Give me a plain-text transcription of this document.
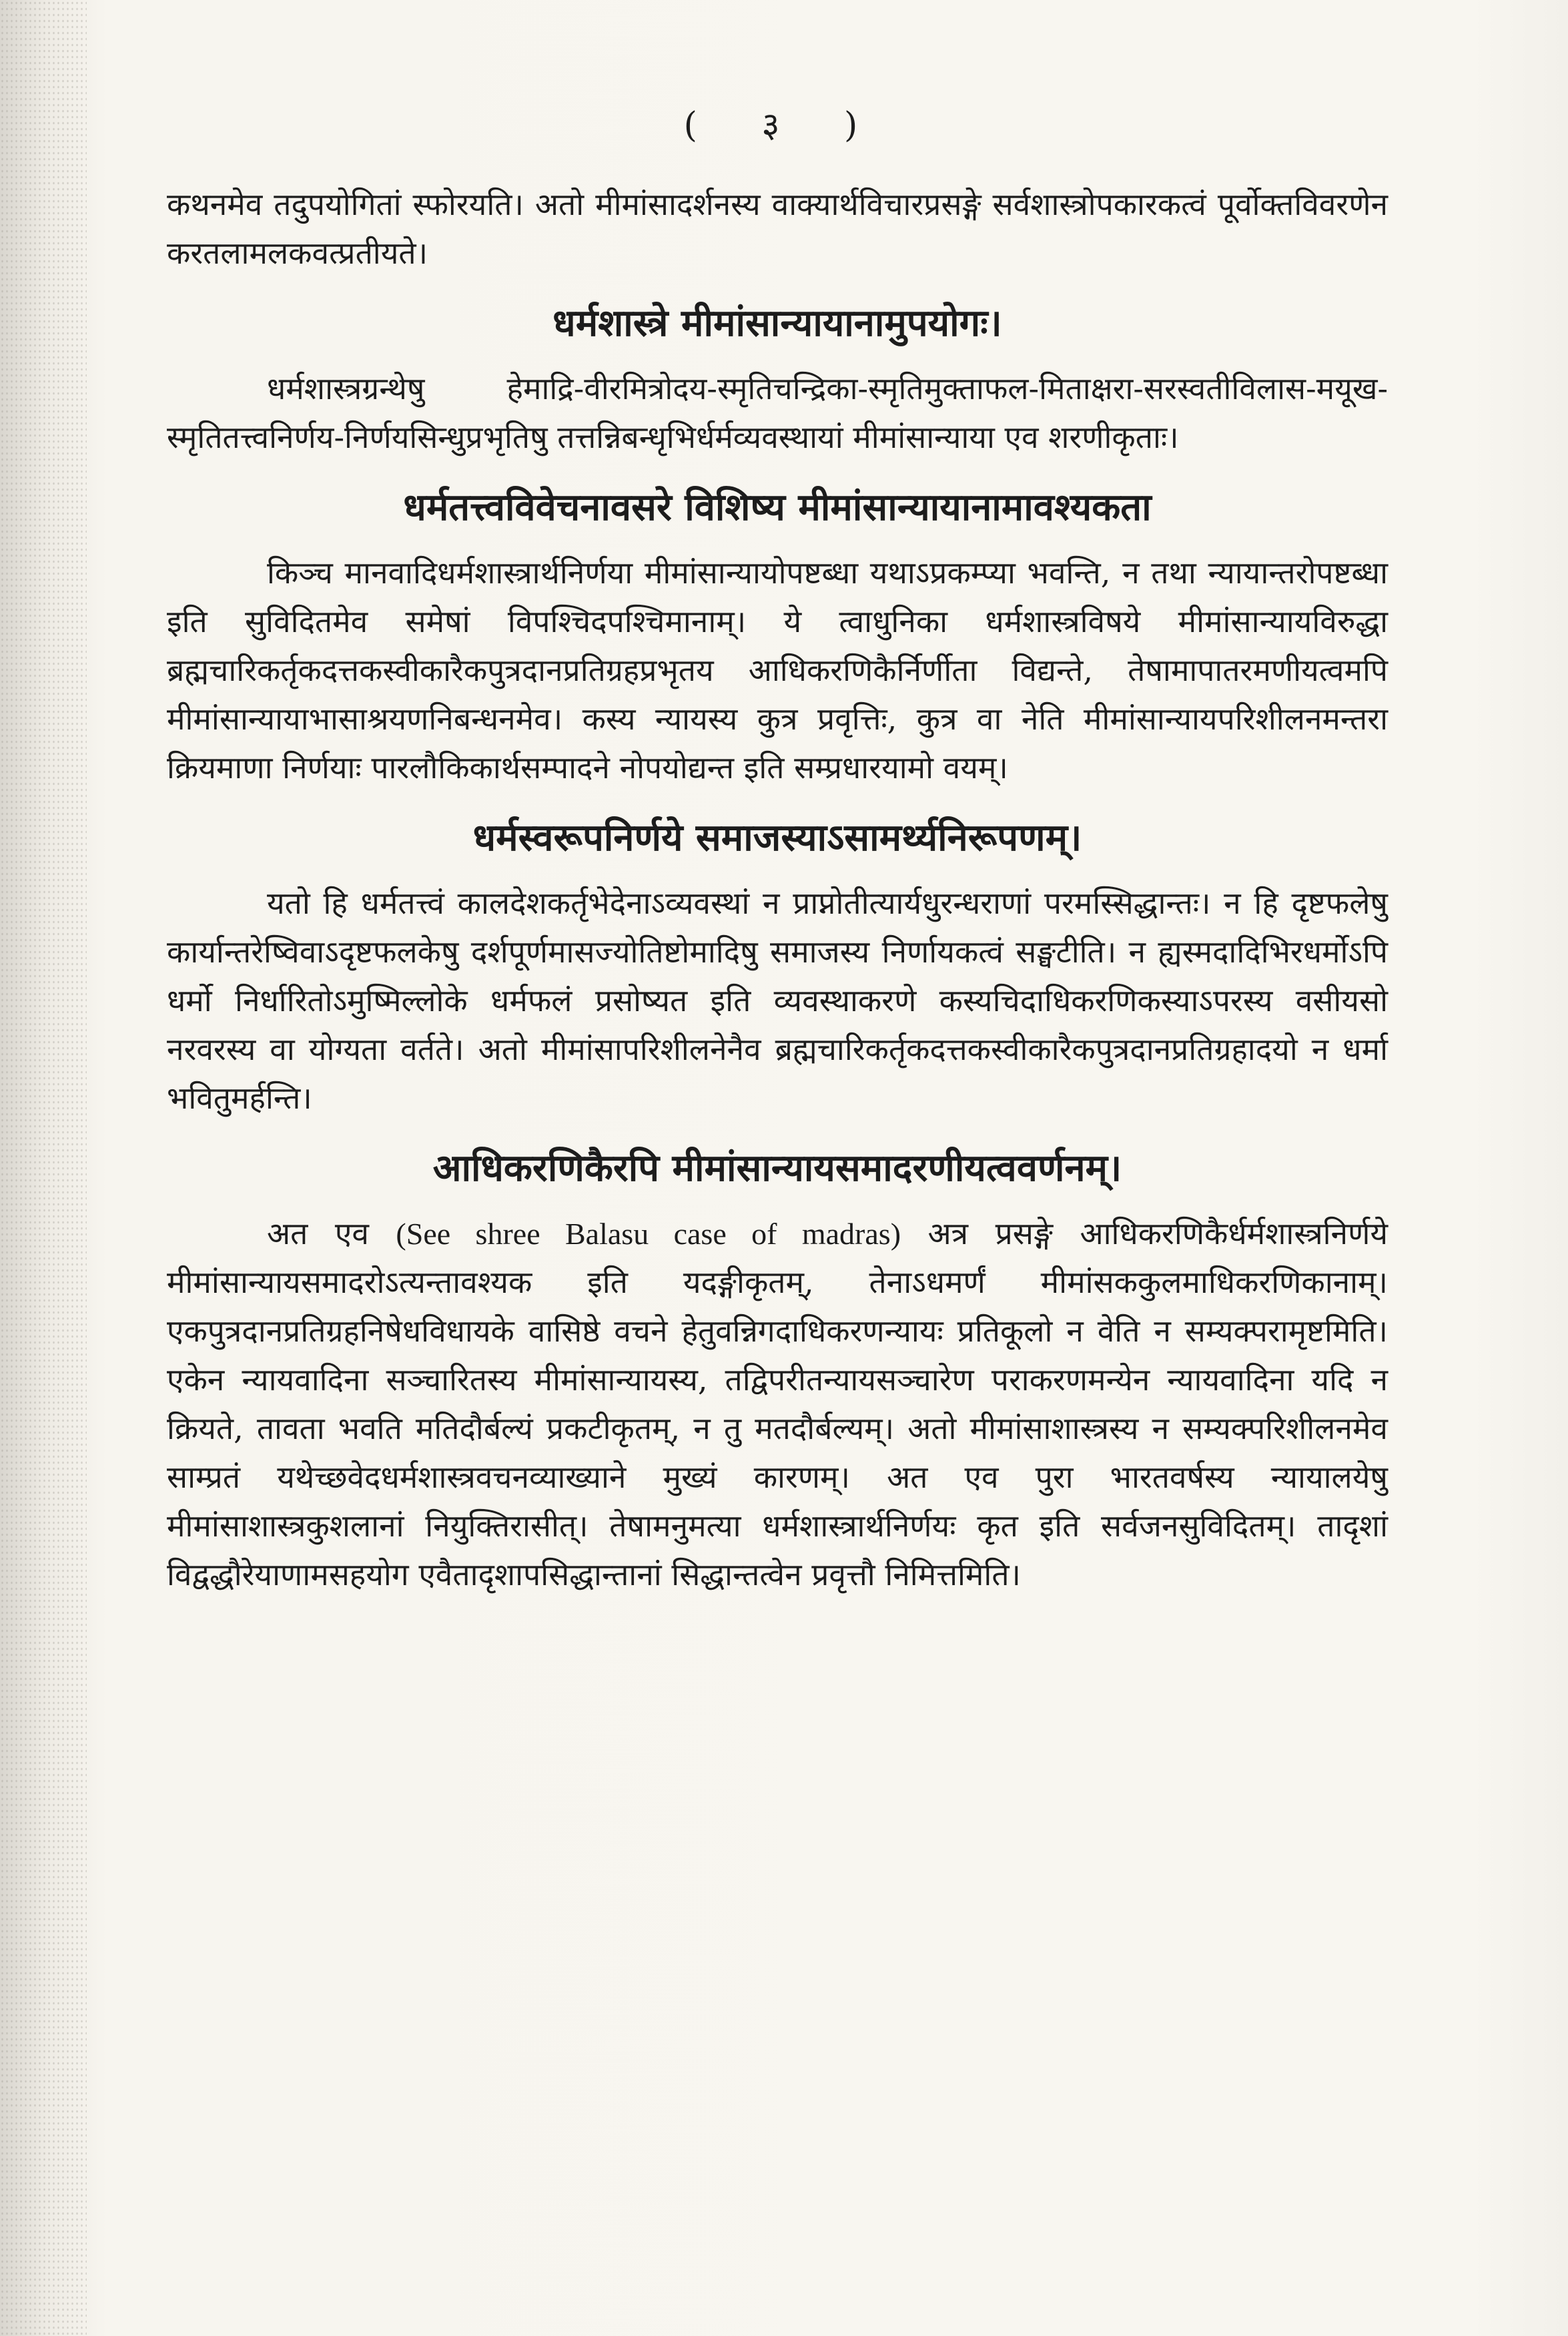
( ३ )

कथनमेव तदुपयोगितां स्फोरयति। अतो मीमांसादर्शनस्य वाक्यार्थविचारप्रसङ्गे सर्वशास्त्रोपकारकत्वं पूर्वोक्तविवरणेन करतलामलकवत्प्रतीयते।

धर्मशास्त्रे मीमांसान्यायानामुपयोगः।

धर्मशास्त्रग्रन्थेषु हेमाद्रि-वीरमित्रोदय-स्मृतिचन्द्रिका-स्मृतिमुक्ताफल-मिताक्षरा-सरस्वतीविलास-मयूख-स्मृतितत्त्वनिर्णय-निर्णयसिन्धुप्रभृतिषु तत्तन्निबन्धृभिर्धर्मव्यवस्थायां मीमांसान्याया एव शरणीकृताः।

धर्मतत्त्वविवेचनावसरे विशिष्य मीमांसान्यायानामावश्यकता

किञ्च मानवादिधर्मशास्त्रार्थनिर्णया मीमांसान्यायोपष्टब्धा यथाऽप्रकम्प्या भवन्ति, न तथा न्यायान्तरोपष्टब्धा इति सुविदितमेव समेषां विपश्चिदपश्चिमानाम्। ये त्वाधुनिका धर्मशास्त्रविषये मीमांसान्यायविरुद्धा ब्रह्मचारिकर्तृकदत्तकस्वीकारैकपुत्रदानप्रतिग्रहप्रभृतय आधिकरणिकैर्निर्णीता विद्यन्ते, तेषामापातरमणीयत्वमपि मीमांसान्यायाभासाश्रयणनिबन्धनमेव। कस्य न्यायस्य कुत्र प्रवृत्तिः, कुत्र वा नेति मीमांसान्यायपरिशीलनमन्तरा क्रियमाणा निर्णयाः पारलौकिकार्थसम्पादने नोपयोद्यन्त इति सम्प्रधारयामो वयम्।

धर्मस्वरूपनिर्णये समाजस्याऽसामर्थ्यनिरूपणम्।

यतो हि धर्मतत्त्वं कालदेशकर्तृभेदेनाऽव्यवस्थां न प्राप्नोतीत्यार्यधुरन्धराणां परमस्सिद्धान्तः। न हि दृष्टफलेषु कार्यान्तरेष्विवाऽदृष्टफलकेषु दर्शपूर्णमासज्योतिष्टोमादिषु समाजस्य निर्णायकत्वं सङ्घटीति। न ह्यस्मदादिभिरधर्मोऽपि धर्मो निर्धारितोऽमुष्मिल्लोके धर्मफलं प्रसोष्यत इति व्यवस्थाकरणे कस्यचिदाधिकरणिकस्याऽपरस्य वसीयसो नरवरस्य वा योग्यता वर्तते। अतो मीमांसापरिशीलनेनैव ब्रह्मचारिकर्तृकदत्तकस्वीकारैकपुत्रदानप्रतिग्रहादयो न धर्मा भवितुमर्हन्ति।

आधिकरणिकैरपि मीमांसान्यायसमादरणीयत्ववर्णनम्।

अत एव (See shree Balasu case of madras) अत्र प्रसङ्गे आधिकरणिकैर्धर्मशास्त्रनिर्णये मीमांसान्यायसमादरोऽत्यन्तावश्यक इति यदङ्गीकृतम्, तेनाऽधमर्णं मीमांसककुलमाधिकरणिकानाम्। एकपुत्रदानप्रतिग्रहनिषेधविधायके वासिष्ठे वचने हेतुवन्निगदाधिकरणन्यायः प्रतिकूलो न वेति न सम्यक्परामृष्टमिति। एकेन न्यायवादिना सञ्चारितस्य मीमांसान्यायस्य, तद्विपरीतन्यायसञ्चारेण पराकरणमन्येन न्यायवादिना यदि न क्रियते, तावता भवति मतिदौर्बल्यं प्रकटीकृतम्, न तु मतदौर्बल्यम्। अतो मीमांसाशास्त्रस्य न सम्यक्परिशीलनमेव साम्प्रतं यथेच्छवेदधर्मशास्त्रवचनव्याख्याने मुख्यं कारणम्। अत एव पुरा भारतवर्षस्य न्यायालयेषु मीमांसाशास्त्रकुशलानां नियुक्तिरासीत्। तेषामनुमत्या धर्मशास्त्रार्थनिर्णयः कृत इति सर्वजनसुविदितम्। तादृशां विद्वद्धौरेयाणामसहयोग एवैतादृशापसिद्धान्तानां सिद्धान्तत्वेन प्रवृत्तौ निमित्तमिति।
